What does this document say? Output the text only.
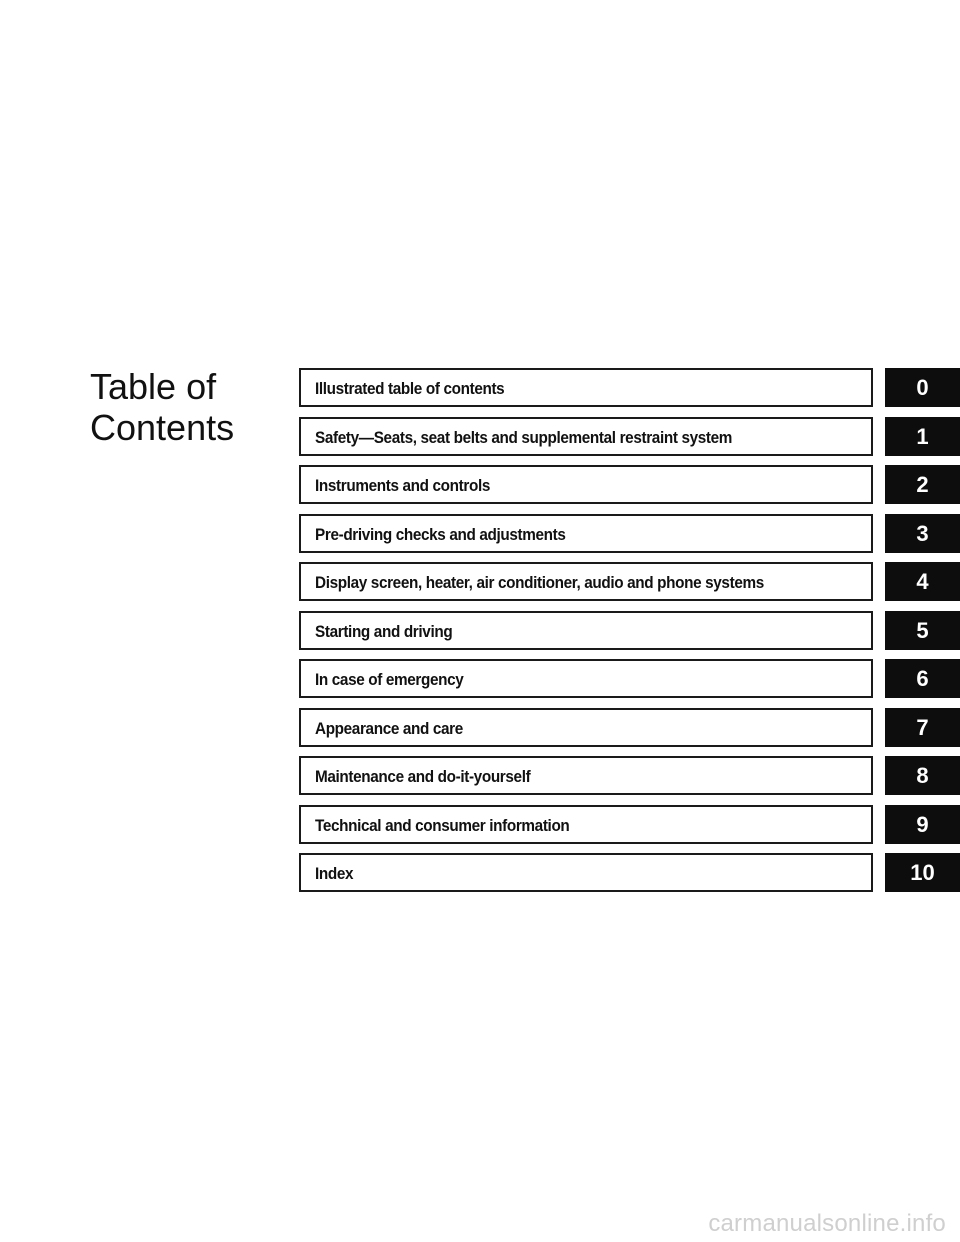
Table of
Contents
Illustrated table of contents	0
Safety—Seats, seat belts and supplemental restraint system	1
Instruments and controls	2
Pre-driving checks and adjustments	3
Display screen, heater, air conditioner, audio and phone systems	4
Starting and driving	5
In case of emergency	6
Appearance and care	7
Maintenance and do-it-yourself	8
Technical and consumer information	9
Index	10
carmanualsonline.info
